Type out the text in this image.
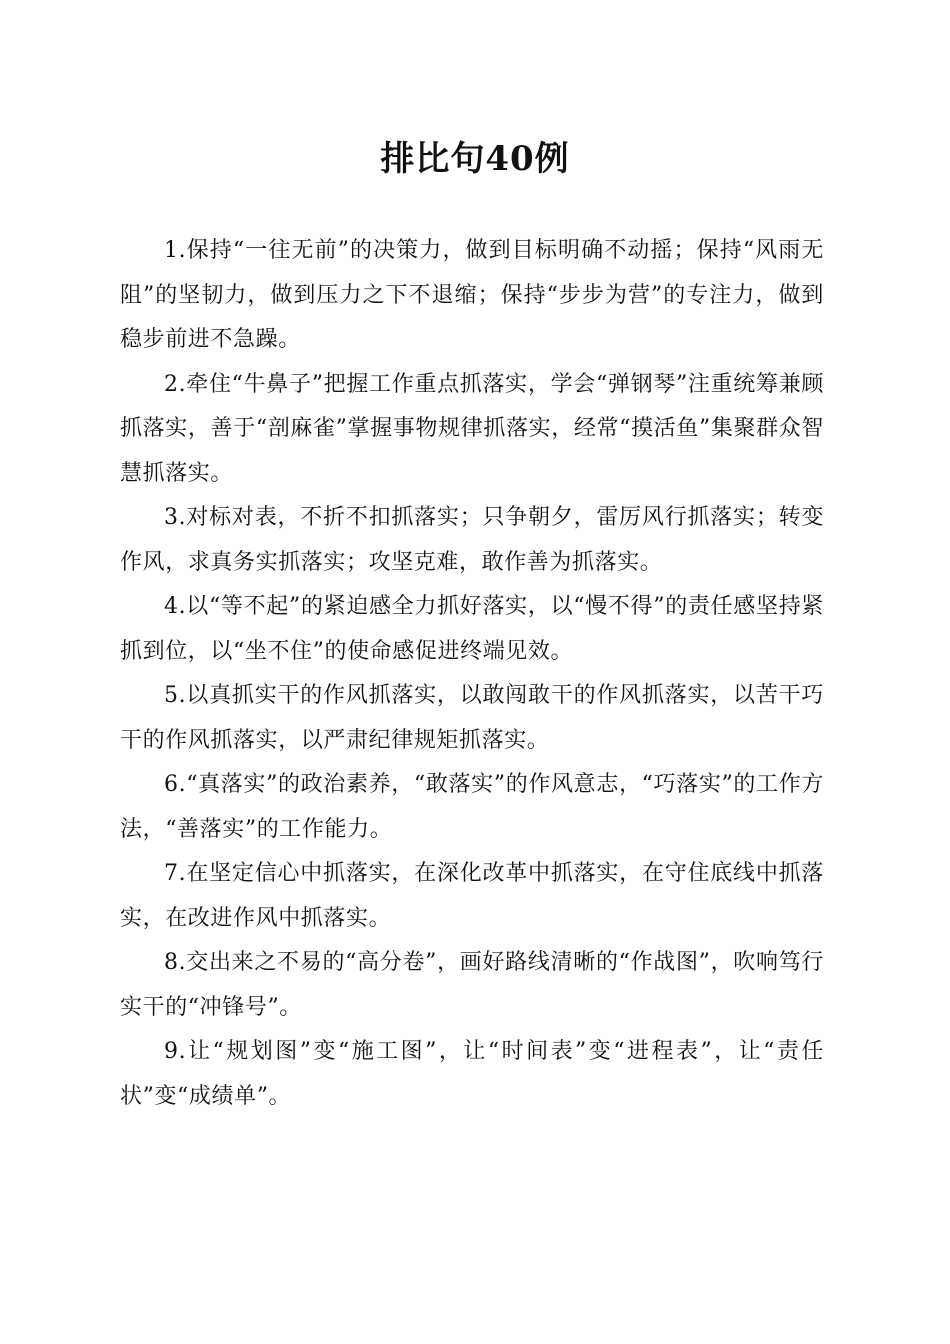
排比句40例

1.保持“一往无前”的决策力，做到目标明确不动摇；保持“风雨无阻”的坚韧力，做到压力之下不退缩；保持“步步为营”的专注力，做到稳步前进不急躁。

2.牵住“牛鼻子”把握工作重点抓落实，学会“弹钢琴”注重统筹兼顾抓落实，善于“剖麻雀”掌握事物规律抓落实，经常“摸活鱼”集聚群众智慧抓落实。

3.对标对表，不折不扣抓落实；只争朝夕，雷厉风行抓落实；转变作风，求真务实抓落实；攻坚克难，敢作善为抓落实。

4.以“等不起”的紧迫感全力抓好落实，以“慢不得”的责任感坚持紧抓到位，以“坐不住”的使命感促进终端见效。

5.以真抓实干的作风抓落实，以敢闯敢干的作风抓落实，以苦干巧干的作风抓落实，以严肃纪律规矩抓落实。

6.“真落实”的政治素养，“敢落实”的作风意志，“巧落实”的工作方法，“善落实”的工作能力。

7.在坚定信心中抓落实，在深化改革中抓落实，在守住底线中抓落实，在改进作风中抓落实。

8.交出来之不易的“高分卷”，画好路线清晰的“作战图”，吹响笃行实干的“冲锋号”。

9.让“规划图”变“施工图”，让“时间表”变“进程表”，让“责任状”变“成绩单”。
